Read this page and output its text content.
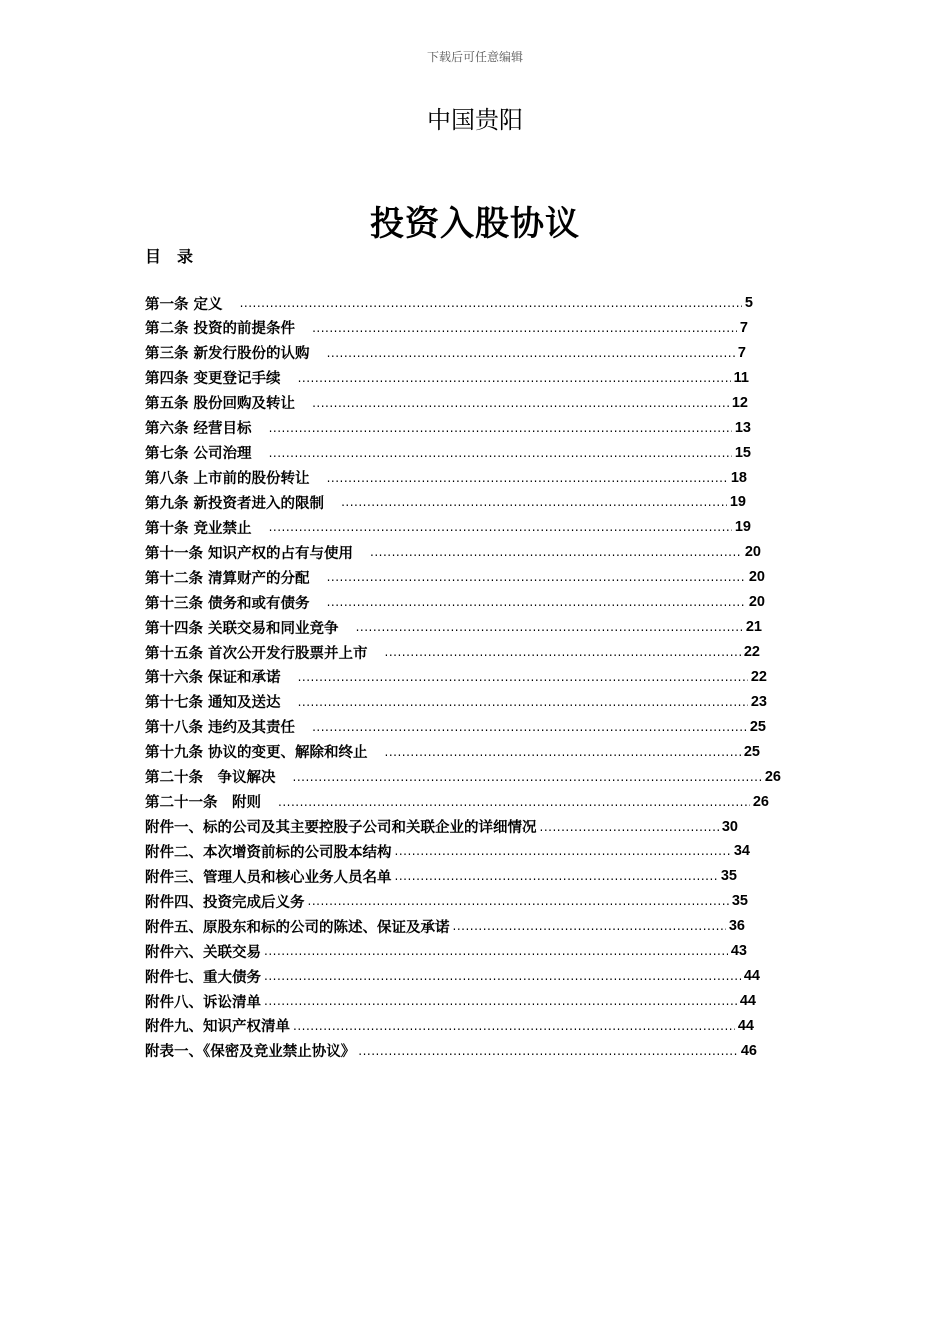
下载后可任意编辑
中国贵阳
投资入股协议
目　录
第一条 定义 .....	5
第二条 投资的前提条件 .....	7
第三条 新发行股份的认购 .....	7
第四条 变更登记手续 .....	11
第五条 股份回购及转让 .....	12
第六条 经营目标 .....	13
第七条 公司治理 .....	15
第八条 上市前的股份转让 .....	18
第九条 新投资者进入的限制 .....	19
第十条 竞业禁止 .....	19
第十一条 知识产权的占有与使用 .....	20
第十二条 清算财产的分配 .....	20
第十三条 债务和或有债务 .....	20
第十四条 关联交易和同业竞争 .....	21
第十五条 首次公开发行股票并上市 .....	22
第十六条 保证和承诺 .....	22
第十七条 通知及送达 .....	23
第十八条 违约及其责任 .....	25
第十九条 协议的变更、解除和终止 .....	25
第二十条　争议解决 .....	26
第二十一条　附则 .....	26
附件一、标的公司及其主要控股子公司和关联企业的详细情况 .....	30
附件二、本次增资前标的公司股本结构 .....	34
附件三、管理人员和核心业务人员名单 .....	35
附件四、投资完成后义务 .....	35
附件五、原股东和标的公司的陈述、保证及承诺 .....	36
附件六、关联交易 .....	43
附件七、重大债务 .....	44
附件八、诉讼清单 .....	44
附件九、知识产权清单 .....	44
附表一、《保密及竞业禁止协议》 .....	46
